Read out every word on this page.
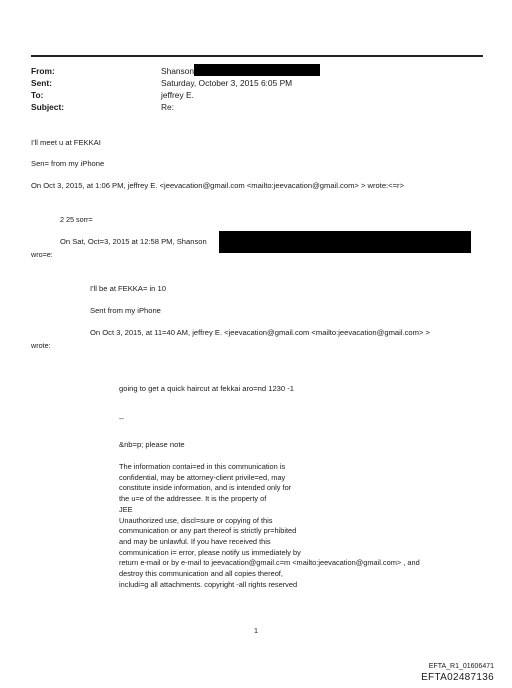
From:	Shanson
Sent:	Saturday, October 3, 2015 6:05 PM
To:	jeffrey E.
Subject:	Re:
I'll meet u at FEKKAI
Sen= from my iPhone
On Oct 3, 2015, at 1:06 PM, jeffrey E. <jeevacation@gmail.com <mailto:jeevacation@gmail.com> > wrote:<=r>
2 25 sorr=
On Sat, Oct=3, 2015 at 12:58 PM, Shanson
wro=e:
I'll be at FEKKA= in 10
Sent from my iPhone
On Oct 3, 2015, at 11=40 AM, jeffrey E. <jeevacation@gmail.com <mailto:jeevacation@gmail.com> >
wrote:
going to get a quick haircut at fekkai aro=nd 1230 -1
--
&nb=p; please note
The information contai=ed in this communication is
confidential, may be attorney-client privile=ed, may
constitute inside information, and is intended only for
the u=e of the addressee. It is the property of
JEE
Unauthorized use, discl=sure or copying of this
communication or any part thereof is strictly pr=hibited
and may be unlawful. If you have received this
communication i= error, please notify us immediately by
return e-mail or by e-mail to jeevacation@gmail.c=m <mailto:jeevacation@gmail.com> , and
destroy this communication and all copies thereof,
includi=g all attachments. copyright -all rights reserved
1
EFTA_R1_01606471
EFTA02487136
